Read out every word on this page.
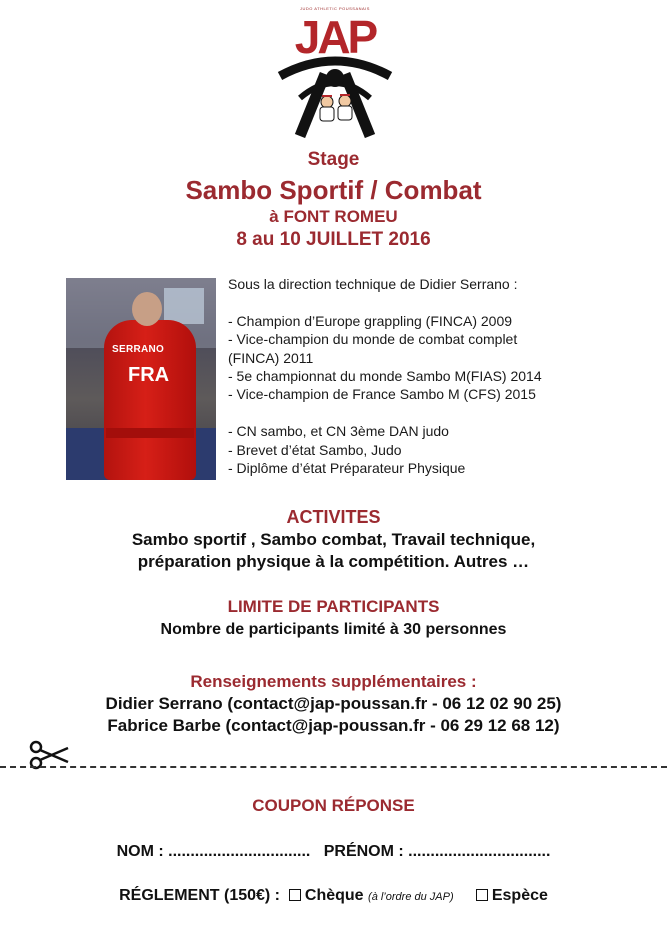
JUDO ATHLETIC POUSSANAIS
JAP
Stage
Sambo Sportif / Combat
à FONT ROMEU
8 au 10 JUILLET 2016
SERRANO
FRA
Sous la direction technique de Didier Serrano :
- Champion d’Europe grappling (FINCA) 2009
- Vice-champion du monde de combat complet
(FINCA) 2011
- 5e championnat du monde Sambo M(FIAS) 2014
- Vice-champion de France Sambo M (CFS) 2015
- CN sambo, et CN 3ème DAN judo
- Brevet d’état Sambo, Judo
- Diplôme d’état Préparateur Physique
ACTIVITES
Sambo sportif , Sambo combat, Travail technique,
préparation physique à la compétition. Autres …
LIMITE DE PARTICIPANTS
Nombre de participants limité à 30 personnes
Renseignements supplémentaires :
Didier Serrano (contact@jap-poussan.fr - 06 12 02 90 25)
Fabrice Barbe (contact@jap-poussan.fr - 06 29 12 68 12)
COUPON RÉPONSE
NOM : ................................ PRÉNOM : ................................
RÉGLEMENT (150€) : Chèque (à l’ordre du JAP) Espèce
